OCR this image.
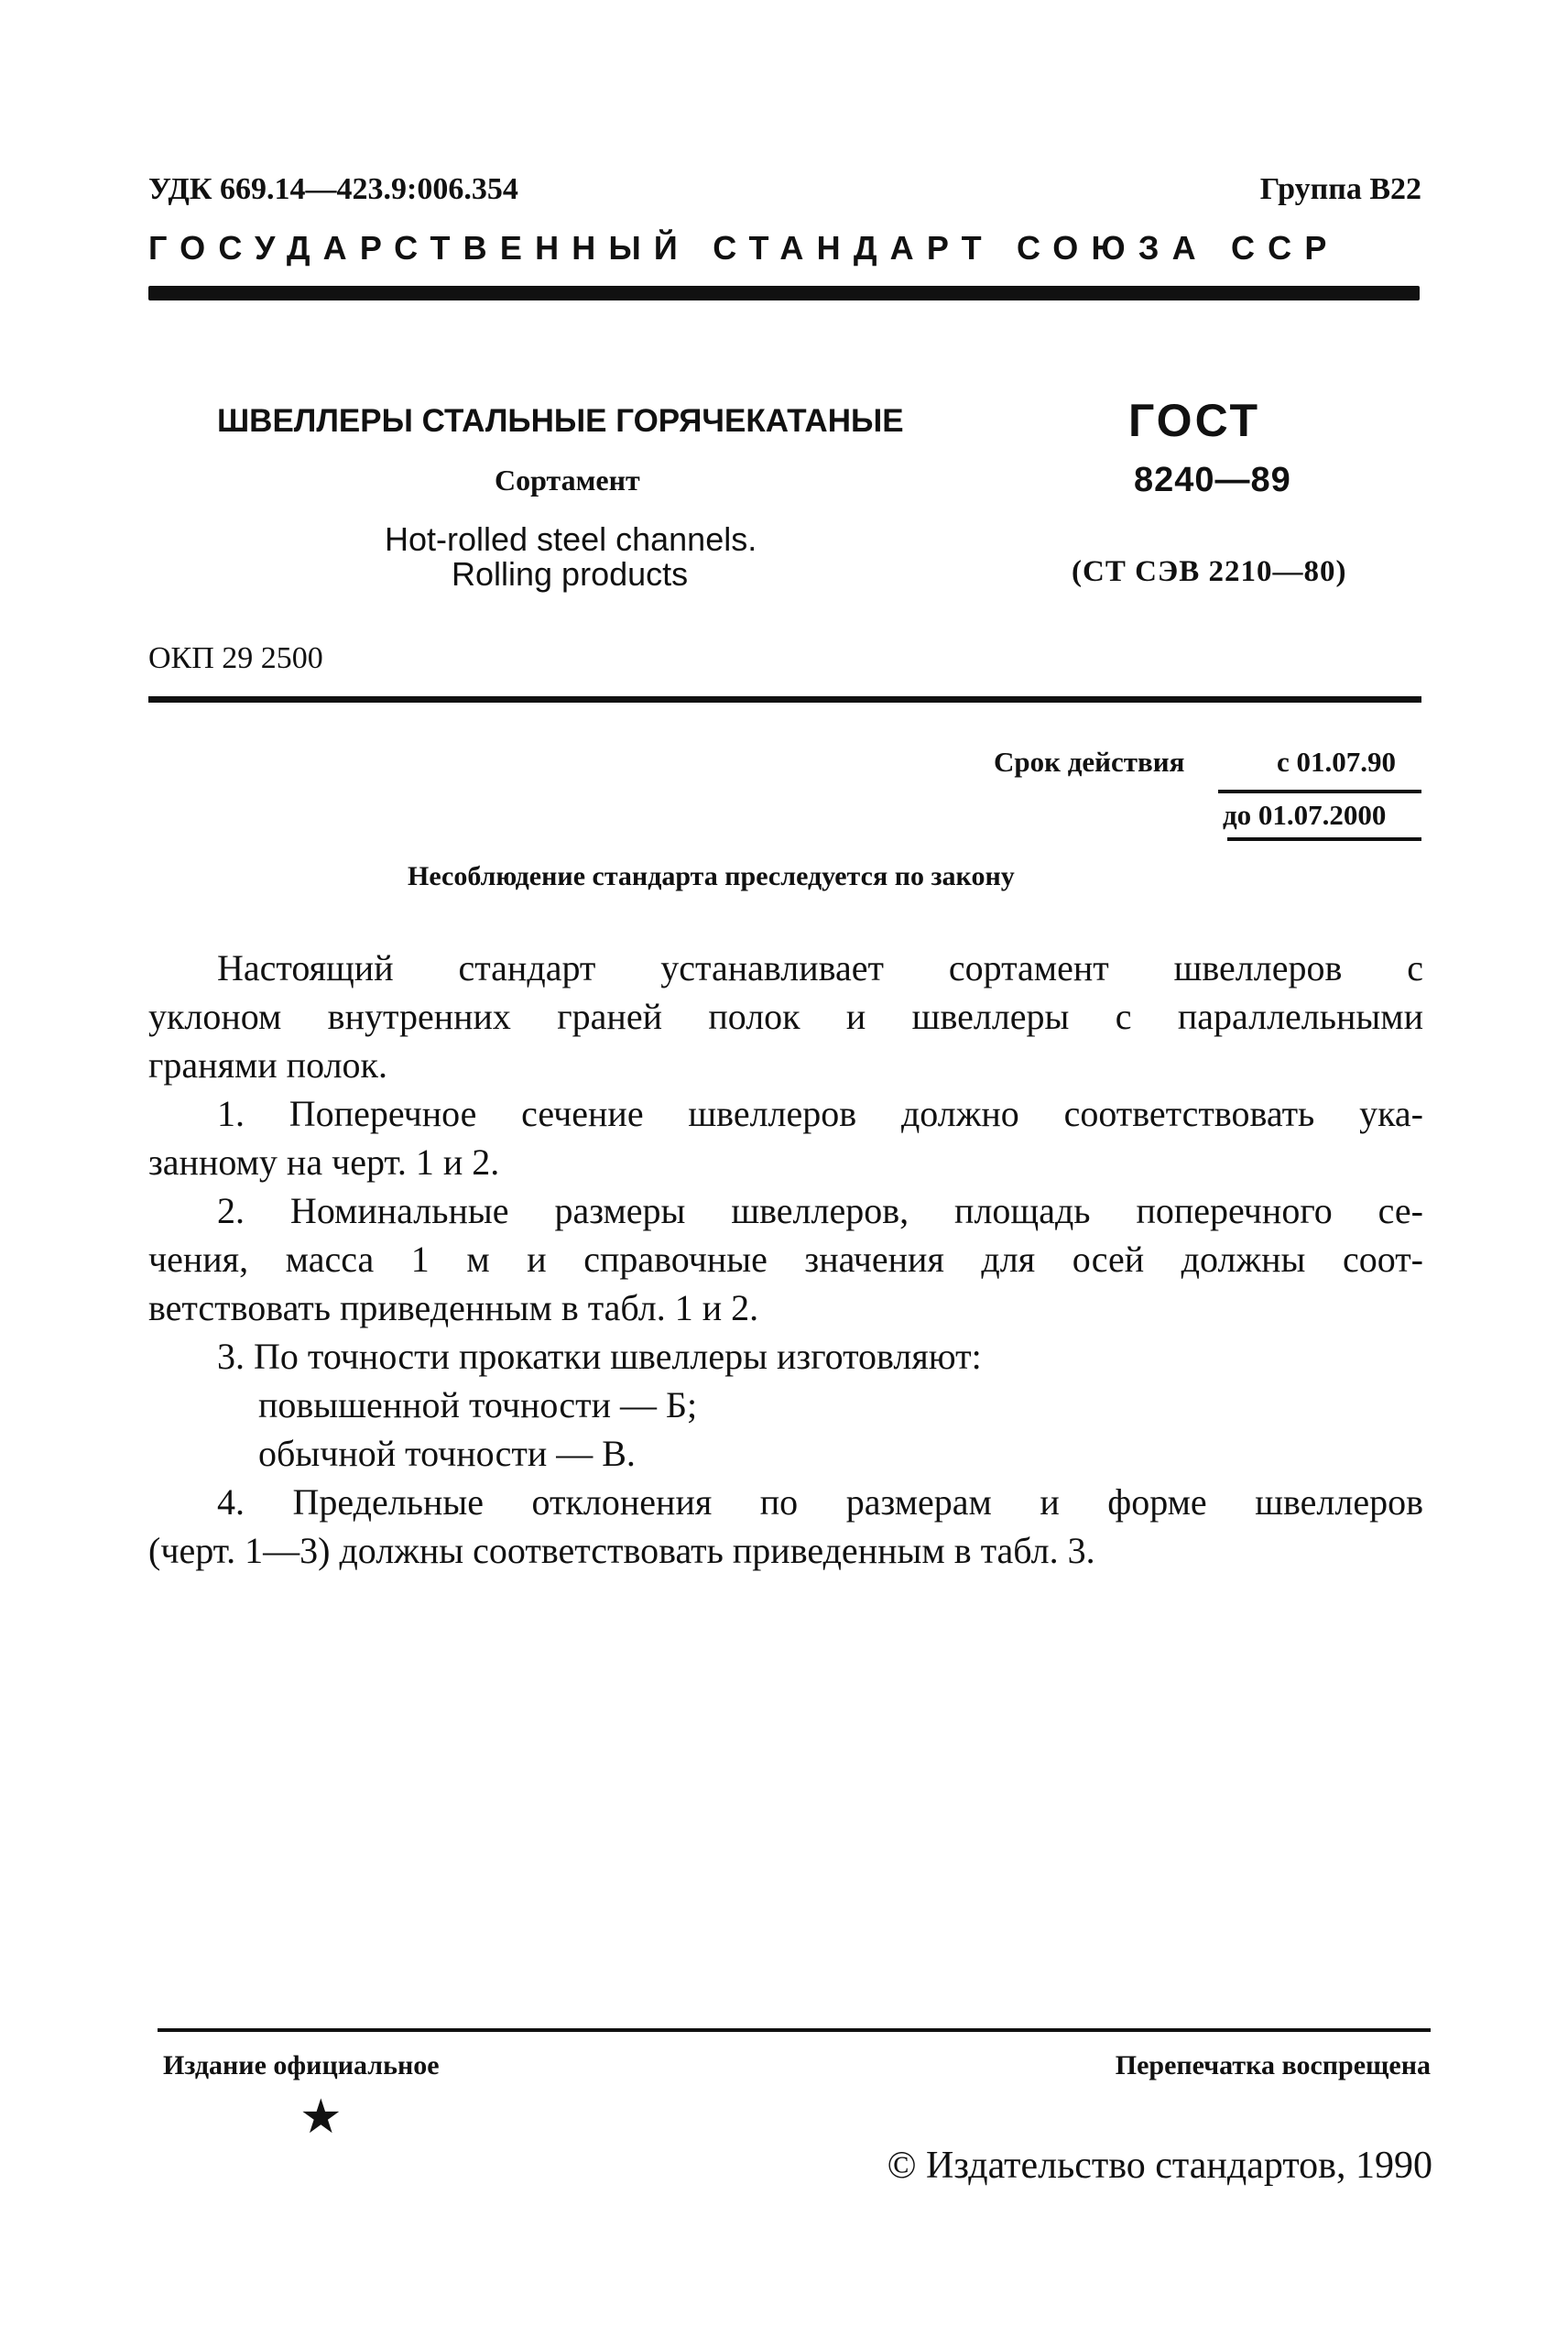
УДК 669.14—423.9:006.354	Группа В22
ГОСУДАРСТВЕННЫЙ СТАНДАРТ СОЮЗА ССР
ШВЕЛЛЕРЫ СТАЛЬНЫЕ ГОРЯЧЕКАТАНЫЕ
Сортамент
Hot-rolled steel channels.
Rolling products
ГОСТ
8240—89
(СТ СЭВ 2210—80)
ОКП 29 2500
Срок действия	с 01.07.90
до 01.07.2000
Несоблюдение стандарта преследуется по закону

Настоящий стандарт устанавливает сортамент швеллеров с

уклоном внутренних граней полок и швеллеры с параллельными

гранями полок.

1. Поперечное сечение швеллеров должно соответствовать ука-

занному на черт. 1 и 2.

2. Номинальные размеры швеллеров, площадь поперечного се-

чения, масса 1 м и справочные значения для осей должны соот-

ветствовать приведенным в табл. 1 и 2.

3. По точности прокатки швеллеры изготовляют:

повышенной точности — Б;

обычной точности — В.

4. Предельные отклонения по размерам и форме швеллеров

(черт. 1—3) должны соответствовать приведенным в табл. 3.

Издание официальное	Перепечатка воспрещена
★
© Издательство стандартов, 1990
